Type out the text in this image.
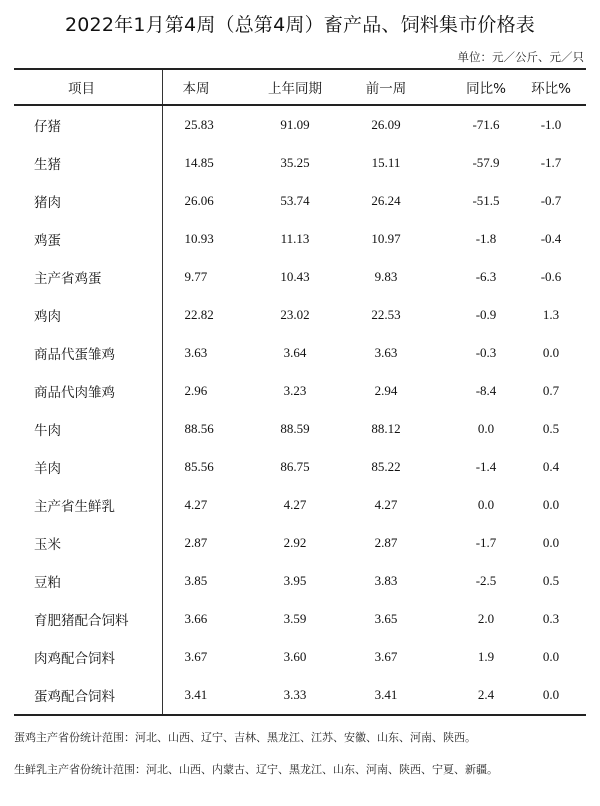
2022年1月第4周（总第4周）畜产品、饲料集市价格表
单位：元／公斤、元／只
项目	本周	上年同期	前一周	同比%	环比%
仔猪	25.83	91.09	26.09	-71.6	-1.0
生猪	14.85	35.25	15.11	-57.9	-1.7
猪肉	26.06	53.74	26.24	-51.5	-0.7
鸡蛋	10.93	11.13	10.97	-1.8	-0.4
主产省鸡蛋	9.77	10.43	9.83	-6.3	-0.6
鸡肉	22.82	23.02	22.53	-0.9	1.3
商品代蛋雏鸡	3.63	3.64	3.63	-0.3	0.0
商品代肉雏鸡	2.96	3.23	2.94	-8.4	0.7
牛肉	88.56	88.59	88.12	0.0	0.5
羊肉	85.56	86.75	85.22	-1.4	0.4
主产省生鲜乳	4.27	4.27	4.27	0.0	0.0
玉米	2.87	2.92	2.87	-1.7	0.0
豆粕	3.85	3.95	3.83	-2.5	0.5
育肥猪配合饲料	3.66	3.59	3.65	2.0	0.3
肉鸡配合饲料	3.67	3.60	3.67	1.9	0.0
蛋鸡配合饲料	3.41	3.33	3.41	2.4	0.0
蛋鸡主产省份统计范围：河北、山西、辽宁、吉林、黑龙江、江苏、安徽、山东、河南、陕西。
生鲜乳主产省份统计范围：河北、山西、内蒙古、辽宁、黑龙江、山东、河南、陕西、宁夏、新疆。
